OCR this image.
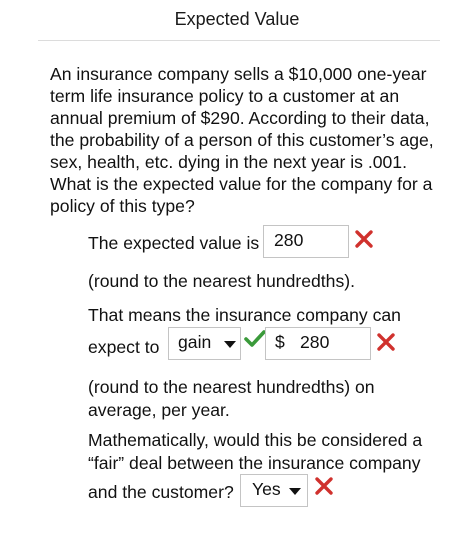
Expected Value
An insurance company sells a $10,000 one-year term life insurance policy to a customer at an annual premium of $290. According to their data, the probability of a person of this customer’s age, sex, health, etc. dying in the next year is .001. What is the expected value for the company for a policy of this type?
The expected value is 280
(round to the nearest hundredths).
That means the insurance company can
expect to gain	$ 280
(round to the nearest hundredths) on
average, per year.
Mathematically, would this be considered a
“fair” deal between the insurance company
and the customer? Yes
